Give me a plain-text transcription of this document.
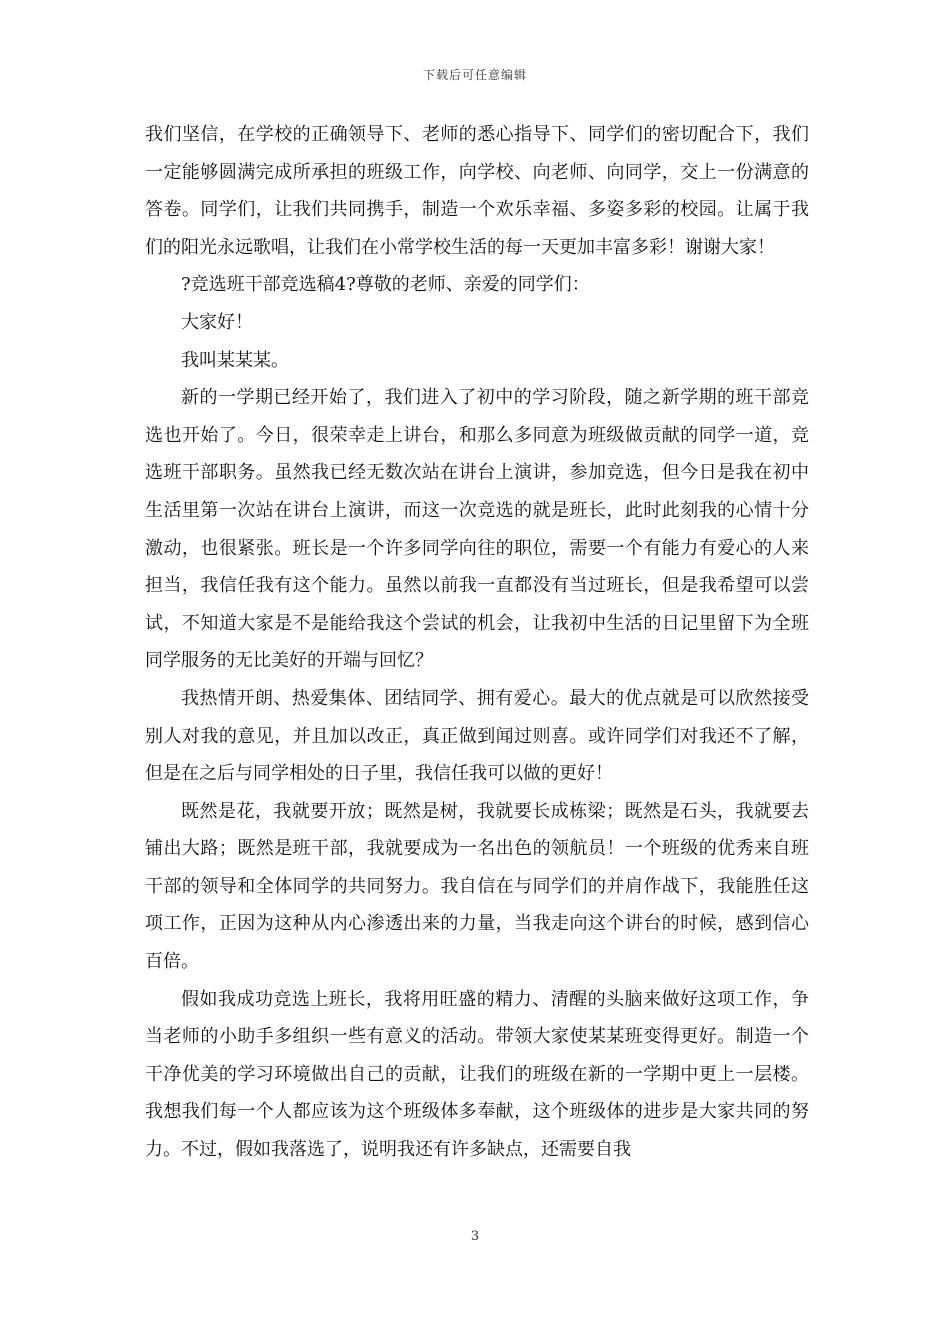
下载后可任意编辑

我们坚信，在学校的正确领导下、老师的悉心指导下、同学们的密切配合下，我们一定能够圆满完成所承担的班级工作，向学校、向老师、向同学，交上一份满意的答卷。同学们，让我们共同携手，制造一个欢乐幸福、多姿多彩的校园。让属于我们的阳光永远歌唱，让我们在小常学校生活的每一天更加丰富多彩！谢谢大家！

?竞选班干部竞选稿4?尊敬的老师、亲爱的同学们：

大家好！

我叫某某某。

新的一学期已经开始了，我们进入了初中的学习阶段，随之新学期的班干部竞选也开始了。今日，很荣幸走上讲台，和那么多同意为班级做贡献的同学一道，竞选班干部职务。虽然我已经无数次站在讲台上演讲，参加竞选，但今日是我在初中生活里第一次站在讲台上演讲，而这一次竞选的就是班长，此时此刻我的心情十分激动，也很紧张。班长是一个许多同学向往的职位，需要一个有能力有爱心的人来担当，我信任我有这个能力。虽然以前我一直都没有当过班长，但是我希望可以尝试，不知道大家是不是能给我这个尝试的机会，让我初中生活的日记里留下为全班同学服务的无比美好的开端与回忆？

我热情开朗、热爱集体、团结同学、拥有爱心。最大的优点就是可以欣然接受别人对我的意见，并且加以改正，真正做到闻过则喜。或许同学们对我还不了解，但是在之后与同学相处的日子里，我信任我可以做的更好！

既然是花，我就要开放；既然是树，我就要长成栋梁；既然是石头，我就要去铺出大路；既然是班干部，我就要成为一名出色的领航员！一个班级的优秀来自班干部的领导和全体同学的共同努力。我自信在与同学们的并肩作战下，我能胜任这项工作，正因为这种从内心渗透出来的力量，当我走向这个讲台的时候，感到信心百倍。

假如我成功竞选上班长，我将用旺盛的精力、清醒的头脑来做好这项工作，争当老师的小助手多组织一些有意义的活动。带领大家使某某班变得更好。制造一个干净优美的学习环境做出自己的贡献，让我们的班级在新的一学期中更上一层楼。我想我们每一个人都应该为这个班级体多奉献，这个班级体的进步是大家共同的努力。不过，假如我落选了，说明我还有许多缺点，还需要自我

3
